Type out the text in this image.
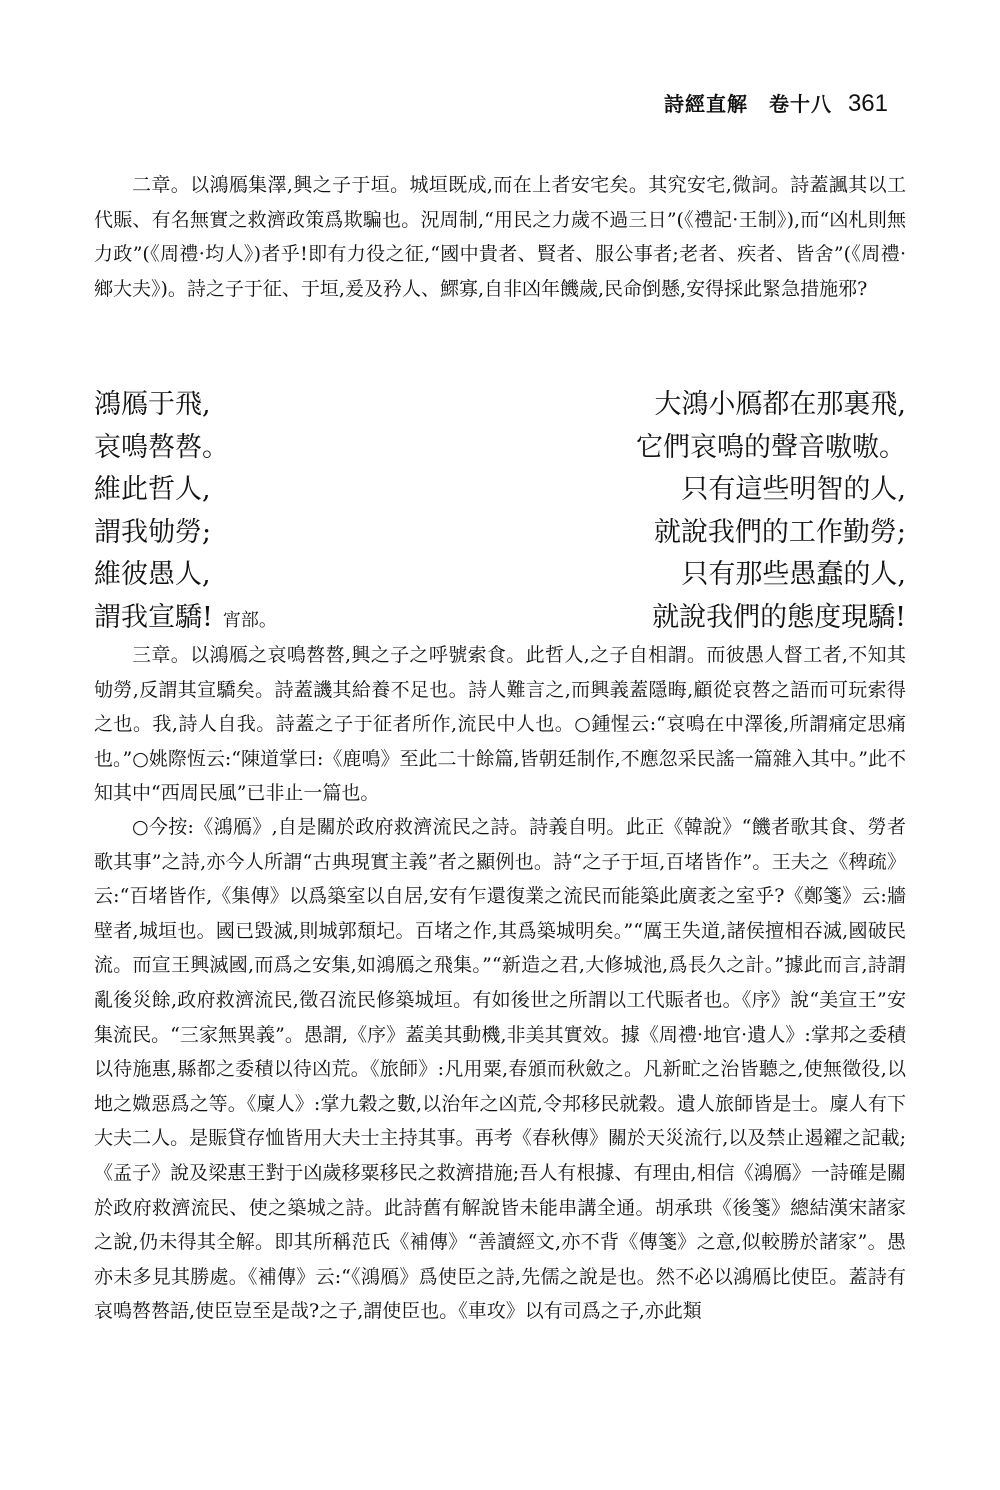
詩經直解　卷十八 361

二章。以鴻鴈集澤,興之子于垣。城垣既成,而在上者安宅矣。其究安宅,微詞。詩蓋諷其以工代賑、有名無實之救濟政策爲欺騙也。況周制,“用民之力歲不過三日”(《禮記·王制》),而“凶札則無力政”(《周禮·均人》)者乎!即有力役之征,“國中貴者、賢者、服公事者;老者、疾者、皆舍”(《周禮·鄉大夫》)。詩之子于征、于垣,爰及矜人、鰥寡,自非凶年饑歲,民命倒懸,安得採此緊急措施邪?

鴻鴈于飛,	大鴻小鴈都在那裏飛,
哀鳴嗸嗸。	它們哀鳴的聲音嗷嗷。
維此哲人,	只有這些明智的人,
謂我劬勞;	就說我們的工作勤勞;
維彼愚人,	只有那些愚蠢的人,
謂我宣驕! 宵部。	就說我們的態度現驕!

三章。以鴻鴈之哀鳴嗸嗸,興之子之呼號索食。此哲人,之子自相謂。而彼愚人督工者,不知其劬勞,反謂其宣驕矣。詩蓋譏其給養不足也。詩人難言之,而興義蓋隱晦,顧從哀嗸之語而可玩索得之也。我,詩人自我。詩蓋之子于征者所作,流民中人也。○鍾惺云:“哀鳴在中澤後,所謂痛定思痛也。”○姚際恆云:“陳道掌曰:《鹿鳴》至此二十餘篇,皆朝廷制作,不應忽采民謠一篇雜入其中。”此不知其中“西周民風”已非止一篇也。

○今按:《鴻鴈》,自是關於政府救濟流民之詩。詩義自明。此正《韓說》“饑者歌其食、勞者歌其事”之詩,亦今人所謂“古典現實主義”者之顯例也。詩“之子于垣,百堵皆作”。王夫之《稗疏》云:“百堵皆作,《集傳》以爲築室以自居,安有乍還復業之流民而能築此廣袤之室乎?《鄭箋》云:牆壁者,城垣也。國已毀滅,則城郭頹圮。百堵之作,其爲築城明矣。”“厲王失道,諸侯擅相吞滅,國破民流。而宣王興滅國,而爲之安集,如鴻鴈之飛集。”“新造之君,大修城池,爲長久之計。”據此而言,詩謂亂後災餘,政府救濟流民,徵召流民修築城垣。有如後世之所謂以工代賑者也。《序》說“美宣王”安集流民。“三家無異義”。愚謂,《序》蓋美其動機,非美其實效。據《周禮·地官·遺人》:掌邦之委積以待施惠,縣都之委積以待凶荒。《旅師》:凡用粟,春頒而秋斂之。凡新甿之治皆聽之,使無徵役,以地之媺惡爲之等。《廩人》:掌九穀之數,以治年之凶荒,令邦移民就穀。遺人旅師皆是士。廩人有下大夫二人。是賑貸存恤皆用大夫士主持其事。再考《春秋傳》關於天災流行,以及禁止遏糴之記載;《孟子》說及梁惠王對于凶歲移粟移民之救濟措施;吾人有根據、有理由,相信《鴻鴈》一詩確是關於政府救濟流民、使之築城之詩。此詩舊有解說皆未能串講全通。胡承珙《後箋》總結漢宋諸家之說,仍未得其全解。即其所稱范氏《補傳》“善讀經文,亦不背《傳箋》之意,似較勝於諸家”。愚亦未多見其勝處。《補傳》云:“《鴻鴈》爲使臣之詩,先儒之說是也。然不必以鴻鴈比使臣。蓋詩有哀鳴嗸嗸語,使臣豈至是哉?之子,謂使臣也。《車攻》以有司爲之子,亦此類
